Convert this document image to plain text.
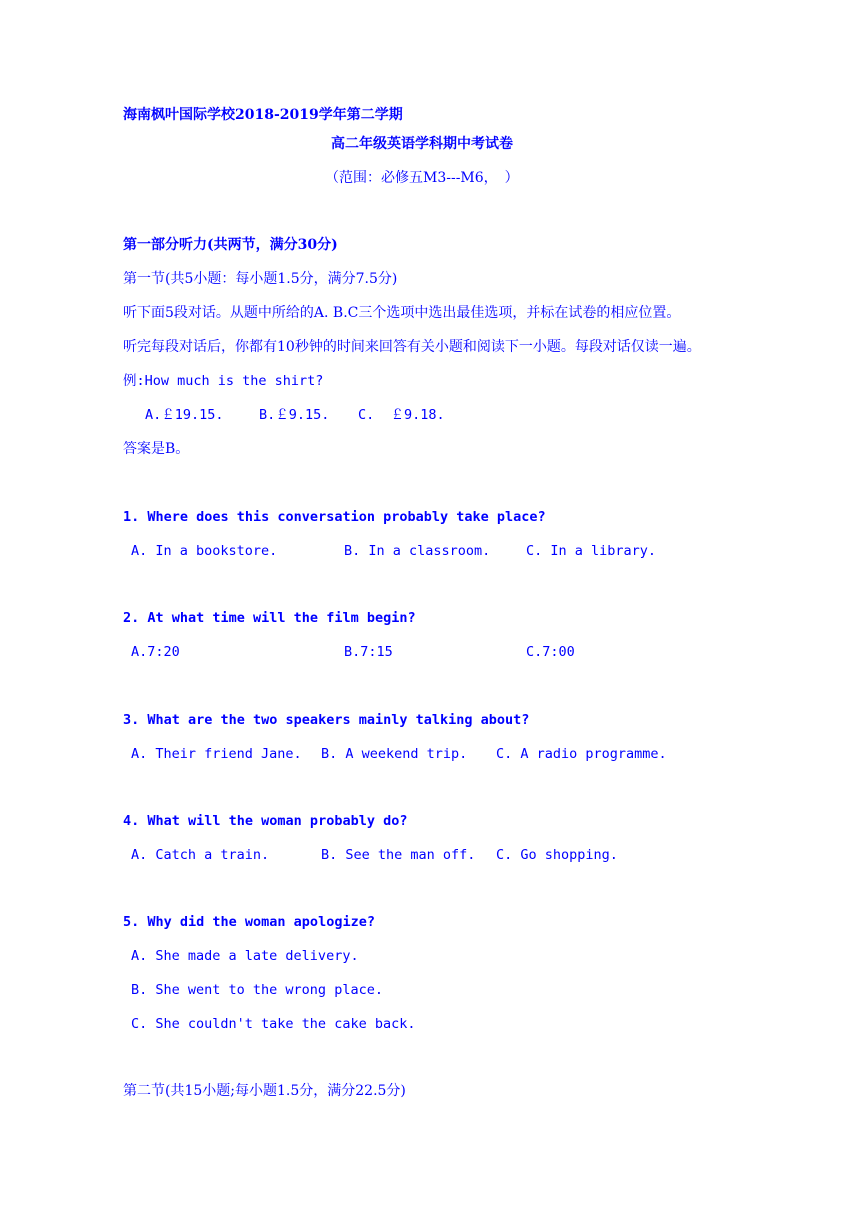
海南枫叶国际学校2018-2019学年第二学期
高二年级英语学科期中考试卷
（范围：必修五M3---M6，　）
第一部分听力(共两节，满分30分)
第一节(共5小题：每小题1.5分，满分7.5分)
听下面5段对话。从题中所给的A. B.C三个选项中选出最佳选项，并标在试卷的相应位置。
听完每段对话后，你都有10秒钟的时间来回答有关小题和阅读下一小题。每段对话仅读一遍。
例:How much is the shirt?
A.￡19.15.	B.￡9.15. C.  ￡9.18.
答案是B。
1. Where does this conversation probably take place?
A. In a bookstore.	B. In a classroom.	C. In a library.
2. At what time will the film begin?
A.7:20	B.7:15	C.7:00
3. What are the two speakers mainly talking about?
A. Their friend Jane. B. A weekend trip. C. A radio programme.
4. What will the woman probably do?
A. Catch a train.	B. See the man off. C. Go shopping.
5. Why did the woman apologize?
A. She made a late delivery.
B. She went to the wrong place.
C. She couldn't take the cake back.
第二节(共15小题;每小题1.5分，满分22.5分)
